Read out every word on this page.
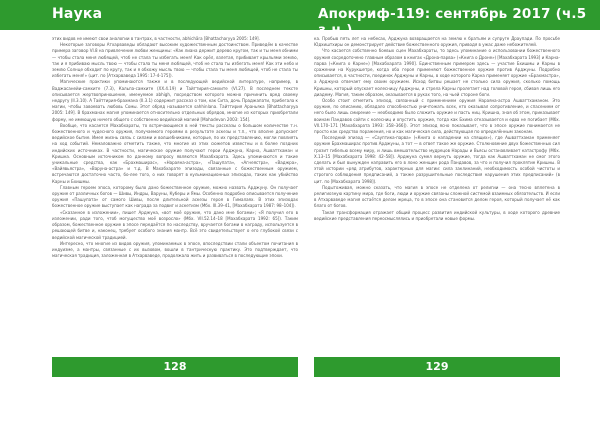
Наука	Апокриф-119: сентябрь 2017 (ч.5 з.н.)

этих видов не имеют свои аналогии в тантрах, в частности, abhichāra [Bhattacharyya 2005: 149].

Некоторые заговоры Атхарваведы обладают высоким художественным достоинством. Приведём в качестве примера заговор VI.8 на привлечение любви женщины: «Как лиана держит дерево кругом, так и ты меня обними — чтобы стала меня любящей, чтоб не стала ты избегать меня! Как орёл, взлетая, прибивает крыльями землю, так и я прибиваю мысль твою — чтобы стала ты меня любящей, чтоб не стала ты избегать меня! Как эти небо и землю Солнце обходит по кругу, так и я обхожу мысль твою — чтобы стала ты меня любящей, чтоб не стала ты избегать меня!» (цит. по [Атхарваведа 1995: 17-4-175]).

Магические практики упоминаются также и в последующей ведийской литературе, например, в Ваджасанейи-самхите (7.3), Кальпа-самхите (XX.4.19) и Тайттирия-самхите (VI.27). В последнем тексте описывается жертвоприношение, именуемое abhigh, посредством которого можно причинить вред своему недругу (II.3.10). А Тайттирия-брахмана (II.3.1) содержит рассказ о том, как Сита, дочь Праджапати, прибегала к магии, чтобы завоевать любовь Сомы. Этот обряд называется sahhinlanа. Тайттирия Араньяка [Bhattacharyya 2005: 149]. В брахманах магия упоминается относительно отдельных обрядов, многие из которых приобретали форму, не имеющую ничего общего с собственно ведийской магией [Mahadevan 2003: 154].

Вообще, что касается Махабхараты, то встречающиеся в ней тексты рассказы о большом количестве т.н. божественного и чудесного оружия, получаемого героями в результате аскезы и т.п., что вполне допускает ведийское бытие. Имея жизнь связь с силами и волшебниками, которые, по их представлению, могли повлиять на ход событий. Немаловажно отметить также, что многие из этих сюжетов известны и в более поздних индийских источниках. В частности, магическое оружие получают герои Арджуна, Карна, Ашваттхаман и Кришна. Основным источником по данному вопросу являются Махабхарата. Здесь упоминаются и такие уникальные средства, как «Брахмаширас», «Нараяна-астра», «Пашупата», «Агнеястра», «Ваджра», «Вайявьястра», «Варуна-астра» и т.д. В Махабхарате эпизоды, связанные с божественным оружием, встречаются достаточно часто, бо-лее того, о них говорят в кульминационных эпизодах, таких как убийство Карны и Бхишмы.

Главным героем эпоса, которому было дано божественное оружие, можно назвать Арджуну. Он получает оружие от различных богов — Шивы, Индры, Варуны, Куберы и Ямы. Особенно подробно описывается получение оружия «Пашупата» от самого Шивы, после длительной аскезы героя в Гималаях. В этих эпизодах божественное оружие выступает как награда за подвиг и аскетизм (Мбх. III.39–41, [Махабхарата 1987: 98–104]).

«Сказанное в изложении», пишет Арджуна, «вот моё оружие, что дано мне богами»; «Я получил его в изложении, ради того, чтоб могущество моё возросло» (Мбх. VII.52.14–18 [Махабхарата 1992: 65]). Таким образом, божественное оружие в эпосе передаётся по наследству, вручается богами в награду, используется в решающей битве и, наконец, требует особого знания мантр. Всё это свидетельствует о его глубокой связи с ведийской магической традицией.

Интересно, что многие из видов оружия, упоминаемых в эпосе, впоследствии стали объектом почитания в индуизме, а мантры, связанные с их вызовом, вошли в тантрическую практику. Это подтверждает, что магическая традиция, заложенная в Атхарваведе, продолжала жить и развиваться в последующие эпохи.

ка. Пробыв пять лет на небесах, Арджуна возвращается на землю к братьям и супруге Драупади. По просьбе Юдхиштхиры он демонстрирует действие божественного оружия, приводя в ужас даже небожителей.

Что касается собственно боевых сцен Махабхараты, то здесь упоминание о использовании божественного оружия сосредоточено главным образом в книгах «Дрона-парва» («Книга о Дроне») [Махабхарата 1993] и Карна-парва («Книга о Карне») [Махабхарата 1990]. Единственным примером здесь — участие Бхишмы и Карны в сражении на Курукшетре, когда оба героя применяют божественное оружие против Арджуны. Подробно описывается, в частности, поединок Арджуны и Карны, в ходе которого Карна применяет оружие «Брахмастра», а Арджуна отвечает ему своим оружием. Исход битвы решает не столько сила оружия, сколько помощь Кришны, который опускает колесницу Арджуны, и стрела Карны пролетает над головой героя, сбивая лишь его диадему. Магия, таким образом, оказывается в руках того, на чьей стороне боги.

Особо стоит отметить эпизод, связанный с применением оружия Нараяна-астра Ашваттхаманом. Это оружие, по описанию, обладало способностью уничтожать всех, кто оказывал сопротивление, и спасением от него было лишь смирение — необходимо было сложить оружие и пасть ниц. Кришна, зная об этом, приказывает воинам Пандавов сойти с колесниц и опустить оружие, тогда как Бхима отказывается и едва не погибает (Мбх. VII.170–171 [Махабхарата 1993: 358–366]). Этот эпизод ясно показывает, что в эпосе оружие понимается не просто как средство поражения, но и как магическая сила, действующая по определённым законам.

Последний эпизод — «Сауптика-парва» («Книга о нападении на спящих»), где Ашваттхаман применяет оружие Брахмаширас против Арджуны, а тот — в ответ такое же оружие. Столкновение двух божественных сил грозит гибелью всему миру, и лишь вмешательство мудрецов Нарады и Вьясы останавливает катастрофу (Мбх. X.13–15 [Махабхарата 1998: 42–58]). Арджуна сумел вернуть оружие, тогда как Ашваттхаман не смог этого сделать и был вынужден направить его в лоно женщин рода Пандавов, за что и получил проклятие Кришны. В этой истории «ряд атрибутов, характерных для магии: сила заклинаний, необходимость особой чистоты и строгого соблюдения предписаний, а также разрушительные последствия нарушения этих предписаний» (в цит. по [Махабхарата 1998]).

Подытоживая, можно сказать, что магия в эпосе не отделена от религии — она тесно вплетена в религиозную картину мира, где боги, люди и оружие связаны сложной системой взаимных обязательств. И если в Атхарваведе магия остаётся делом жреца, то в эпосе она становится делом героя, который получает её как благо от богов.

Такая трансформация отражает общий процесс развития индийской культуры, в ходе которого древние ведийские представления переосмыслялись и приобретали новые формы.

128	129
